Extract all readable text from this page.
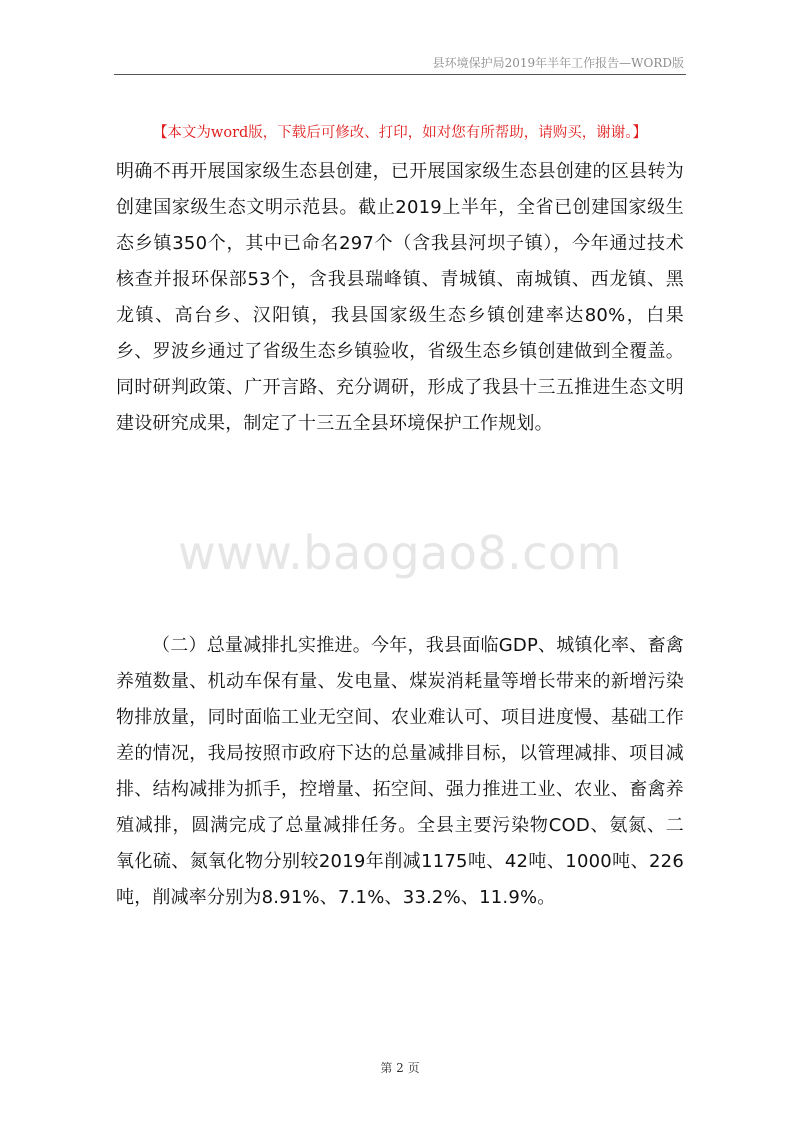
县环境保护局2019年半年工作报告—WORD版
【本文为word版，下载后可修改、打印，如对您有所帮助，请购买，谢谢。】

明确不再开展国家级生态县创建，已开展国家级生态县创建的区县转为创建国家级生态文明示范县。截止2019上半年，全省已创建国家级生态乡镇350个，其中已命名297个（含我县河坝子镇），今年通过技术核查并报环保部53个，含我县瑞峰镇、青城镇、南城镇、西龙镇、黑龙镇、高台乡、汉阳镇，我县国家级生态乡镇创建率达80%，白果乡、罗波乡通过了省级生态乡镇验收，省级生态乡镇创建做到全覆盖。同时研判政策、广开言路、充分调研，形成了我县十三五推进生态文明建设研究成果，制定了十三五全县环境保护工作规划。

www.baogao8.com

（二）总量减排扎实推进。今年，我县面临GDP、城镇化率、畜禽养殖数量、机动车保有量、发电量、煤炭消耗量等增长带来的新增污染物排放量，同时面临工业无空间、农业难认可、项目进度慢、基础工作差的情况，我局按照市政府下达的总量减排目标，以管理减排、项目减排、结构减排为抓手，控增量、拓空间、强力推进工业、农业、畜禽养殖减排，圆满完成了总量减排任务。全县主要污染物COD、氨氮、二氧化硫、氮氧化物分别较2019年削减1175吨、42吨、1000吨、226吨，削减率分别为8.91%、7.1%、33.2%、11.9%。

第 2 页
